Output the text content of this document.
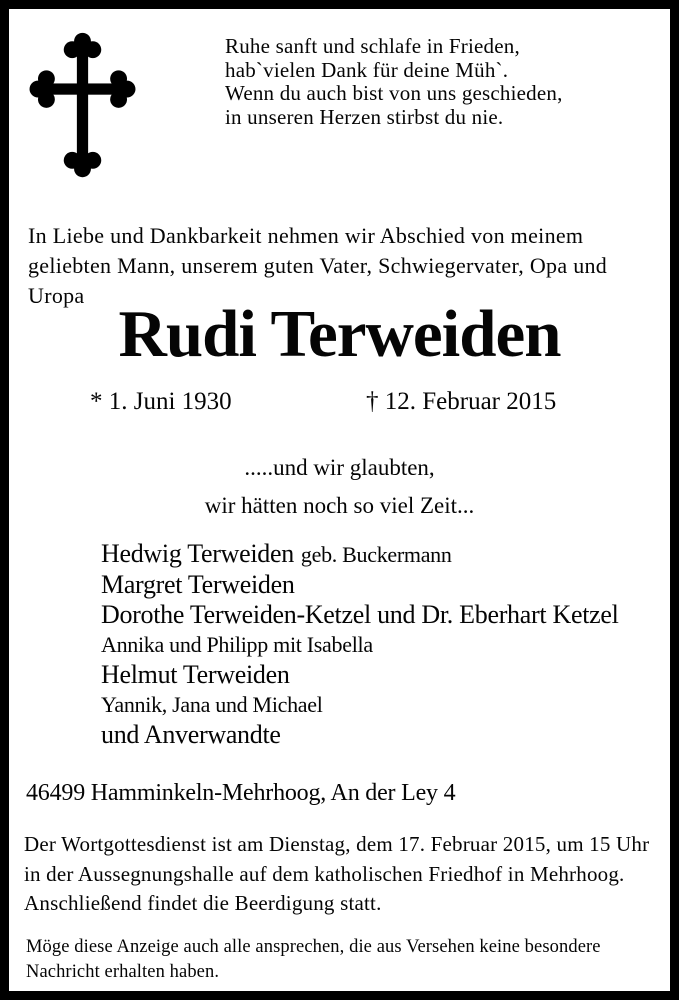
Ruhe sanft und schlafe in Frieden,
hab`vielen Dank für deine Müh`.
Wenn du auch bist von uns geschieden,
in unseren Herzen stirbst du nie.
In Liebe und Dankbarkeit nehmen wir Abschied von meinem
geliebten Mann, unserem guten Vater, Schwiegervater, Opa und
Uropa
Rudi Terweiden
* 1. Juni 1930	† 12. Februar 2015
.....und wir glaubten,
wir hätten noch so viel Zeit...
Hedwig Terweiden geb. Buckermann
Margret Terweiden
Dorothe Terweiden-Ketzel und Dr. Eberhart Ketzel
Annika und Philipp mit Isabella
Helmut Terweiden
Yannik, Jana und Michael
und Anverwandte
46499 Hamminkeln-Mehrhoog, An der Ley 4
Der Wortgottesdienst ist am Dienstag, dem 17. Februar 2015, um 15 Uhr
in der Aussegnungshalle auf dem katholischen Friedhof in Mehrhoog.
Anschließend findet die Beerdigung statt.
Möge diese Anzeige auch alle ansprechen, die aus Versehen keine besondere
Nachricht erhalten haben.
